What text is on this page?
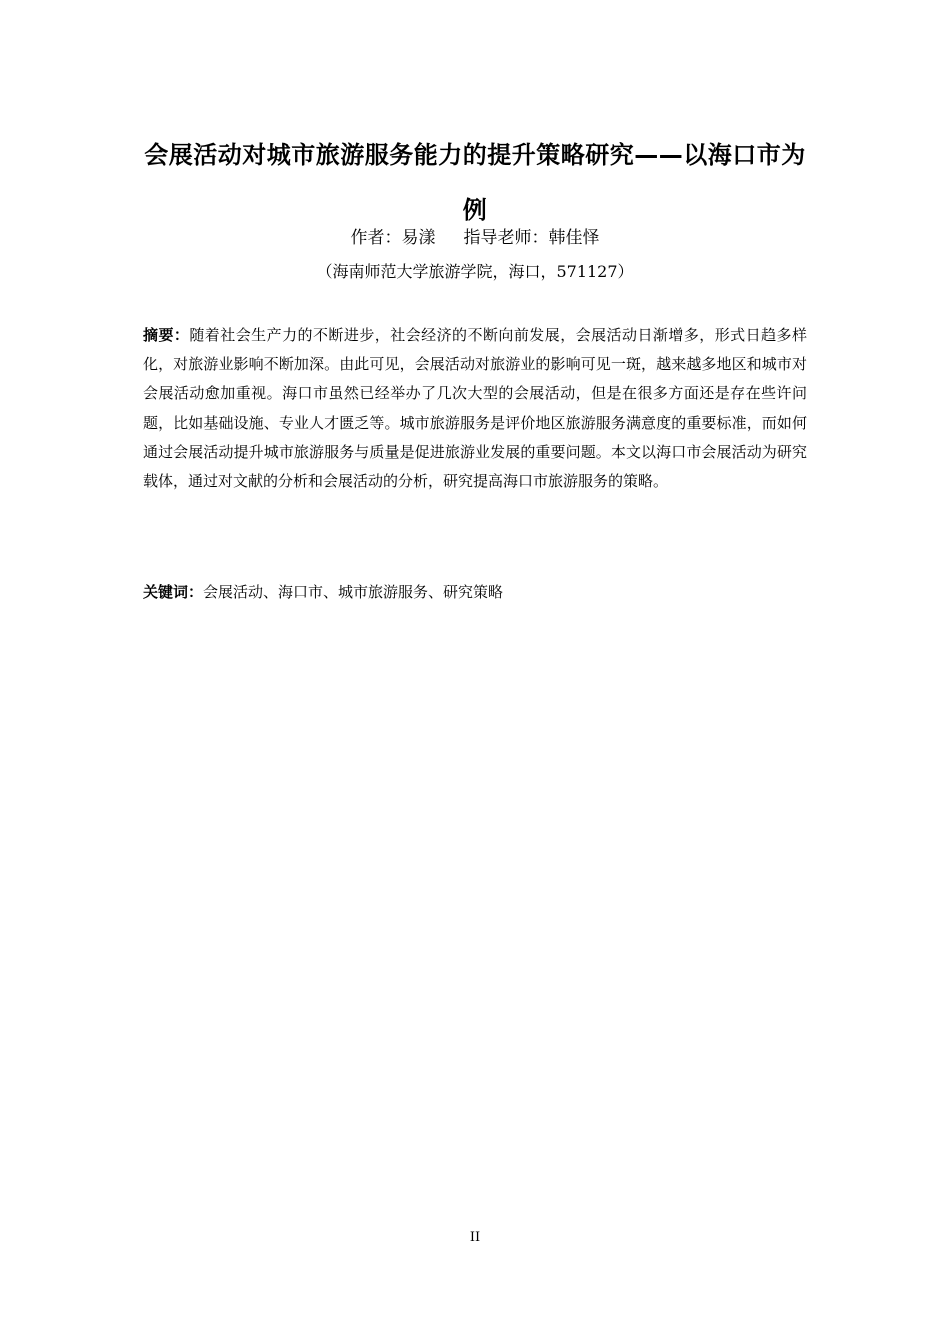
会展活动对城市旅游服务能力的提升策略研究——以海口市为例
作者：易漾 指导老师：韩佳怿
（海南师范大学旅游学院，海口，571127）

摘要：随着社会生产力的不断进步，社会经济的不断向前发展，会展活动日渐增多，形式日趋多样化，对旅游业影响不断加深。由此可见，会展活动对旅游业的影响可见一斑，越来越多地区和城市对会展活动愈加重视。海口市虽然已经举办了几次大型的会展活动，但是在很多方面还是存在些许问题，比如基础设施、专业人才匮乏等。城市旅游服务是评价地区旅游服务满意度的重要标准，而如何通过会展活动提升城市旅游服务与质量是促进旅游业发展的重要问题。本文以海口市会展活动为研究载体，通过对文献的分析和会展活动的分析，研究提高海口市旅游服务的策略。

关键词：会展活动、海口市、城市旅游服务、研究策略

II
